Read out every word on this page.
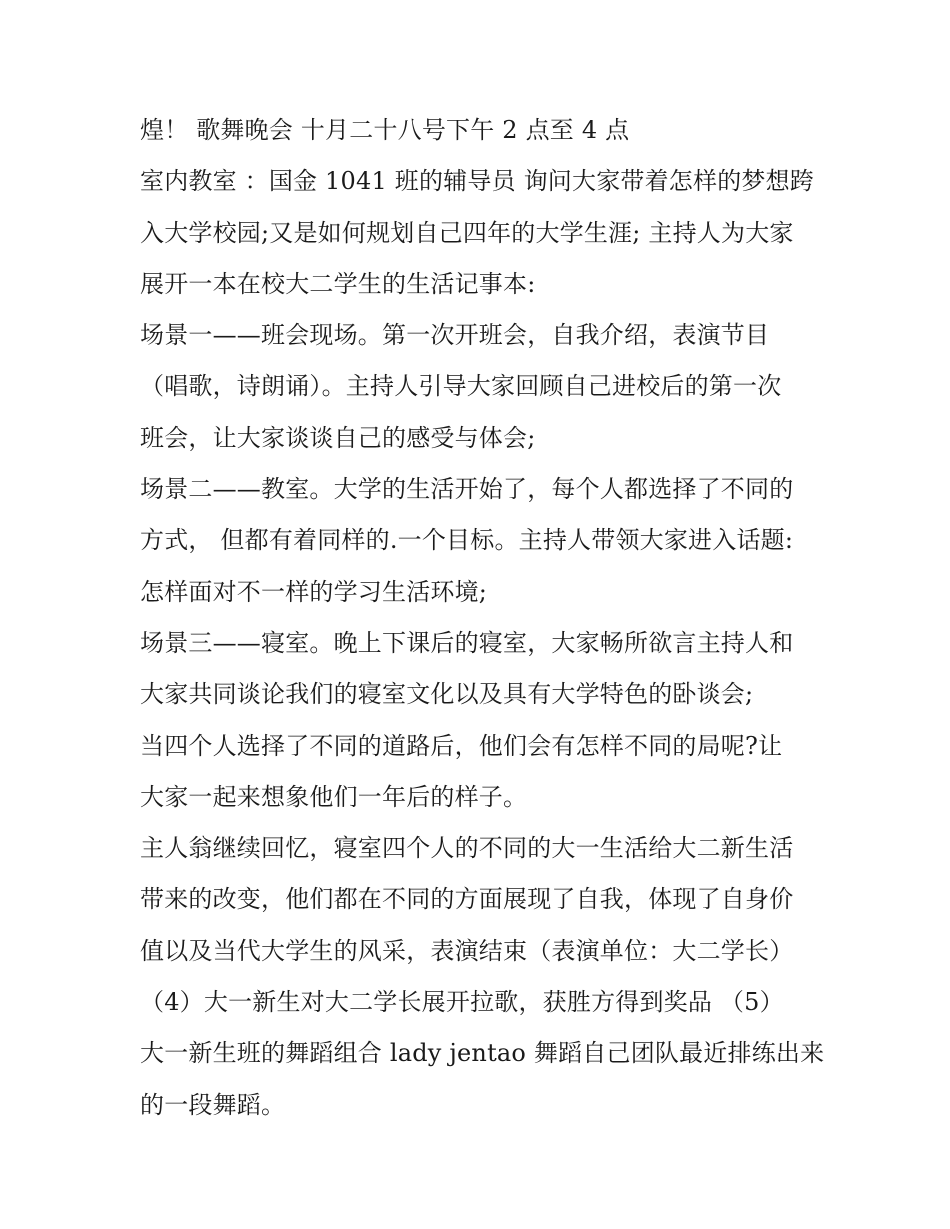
煌！ 歌舞晚会 十月二十八号下午 2 点至 4 点
室内教室 ：国金 1041 班的辅导员 询问大家带着怎样的梦想跨
入大学校园;又是如何规划自己四年的大学生涯; 主持人为大家
展开一本在校大二学生的生活记事本:
场景一——班会现场。第一次开班会，自我介绍，表演节目
（唱歌，诗朗诵）。主持人引导大家回顾自己进校后的第一次
班会，让大家谈谈自己的感受与体会;
场景二——教室。大学的生活开始了，每个人都选择了不同的
方式， 但都有着同样的.一个目标。主持人带领大家进入话题:
怎样面对不一样的学习生活环境;
场景三——寝室。晚上下课后的寝室，大家畅所欲言主持人和
大家共同谈论我们的寝室文化以及具有大学特色的卧谈会;
当四个人选择了不同的道路后，他们会有怎样不同的局呢?让
大家一起来想象他们一年后的样子。
主人翁继续回忆，寝室四个人的不同的大一生活给大二新生活
带来的改变，他们都在不同的方面展现了自我，体现了自身价
值以及当代大学生的风采，表演结束（表演单位：大二学长）
（4）大一新生对大二学长展开拉歌，获胜方得到奖品 （5）
大一新生班的舞蹈组合 lady jentao 舞蹈自己团队最近排练出来
的一段舞蹈。
